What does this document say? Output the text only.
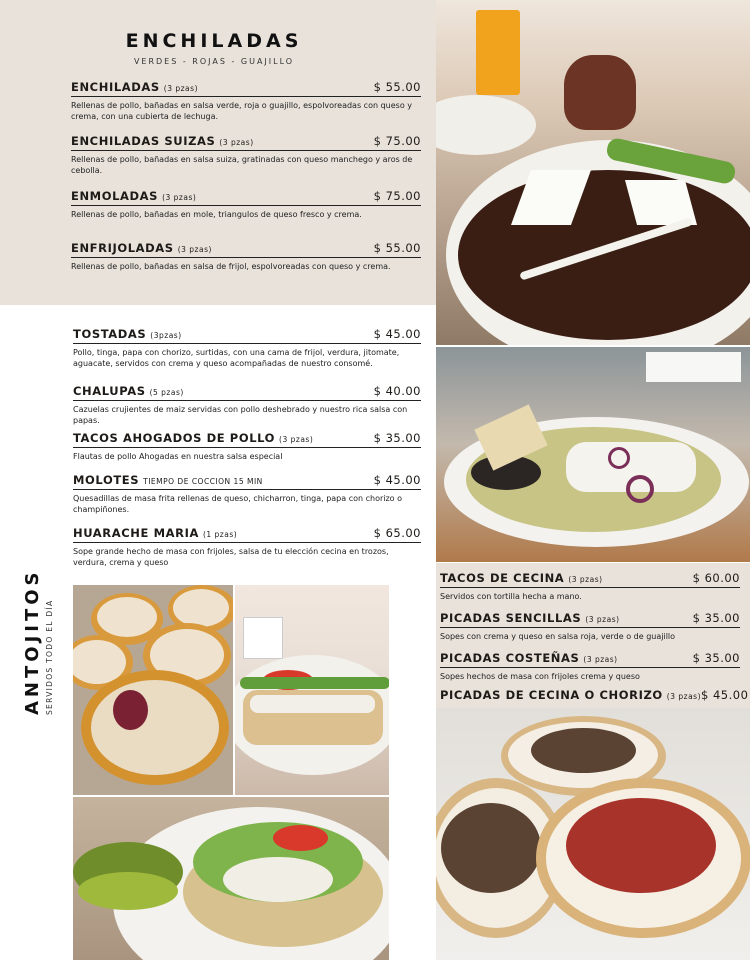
ENCHILADAS
VERDES - ROJAS - GUAJILLO
ENCHILADAS (3 pzas)	$ 55.00
Rellenas de pollo, bañadas en salsa verde, roja o guajillo, espolvoreadas con queso y crema, con una cubierta de lechuga.
ENCHILADAS SUIZAS (3 pzas)	$ 75.00
Rellenas de pollo, bañadas en salsa suiza, gratinadas con queso manchego y aros de cebolla.
ENMOLADAS (3 pzas)	$ 75.00
Rellenas de pollo, bañadas en mole, triangulos de queso fresco y crema.
ENFRIJOLADAS (3 pzas)	$ 55.00
Rellenas de pollo, bañadas en salsa de frijol, espolvoreadas con queso y crema.
TOSTADAS (3pzas)	$ 45.00
Pollo, tinga, papa con chorizo, surtidas, con una cama de frijol, verdura, jitomate, aguacate, servidos con crema y queso acompañadas de nuestro consomé.
CHALUPAS (5 pzas)	$ 40.00
Cazuelas crujientes de maiz servidas con pollo deshebrado y nuestro rica salsa con papas.
TACOS AHOGADOS DE POLLO (3 pzas)	$ 35.00
Flautas de pollo Ahogadas en nuestra salsa especial
MOLOTES TIEMPO DE COCCION 15 MIN	$ 45.00
Quesadillas de masa frita rellenas de queso, chicharron, tinga, papa con chorizo o champiñones.
HUARACHE MARIA (1 pzas)	$ 65.00
Sope grande hecho de masa con frijoles, salsa de tu elección cecina en trozos, verdura, crema y queso
ANTOJITOS SERVIDOS TODO EL DÍA
TACOS DE CECINA (3 pzas)	$ 60.00
Servidos con tortilla hecha a mano.
PICADAS SENCILLAS (3 pzas)	$ 35.00
Sopes con crema y queso en salsa roja, verde o de guajillo
PICADAS COSTEÑAS (3 pzas)	$ 35.00
Sopes hechos de masa con frijoles crema y queso
PICADAS DE CECINA O CHORIZO (3 pzas) $ 45.00
